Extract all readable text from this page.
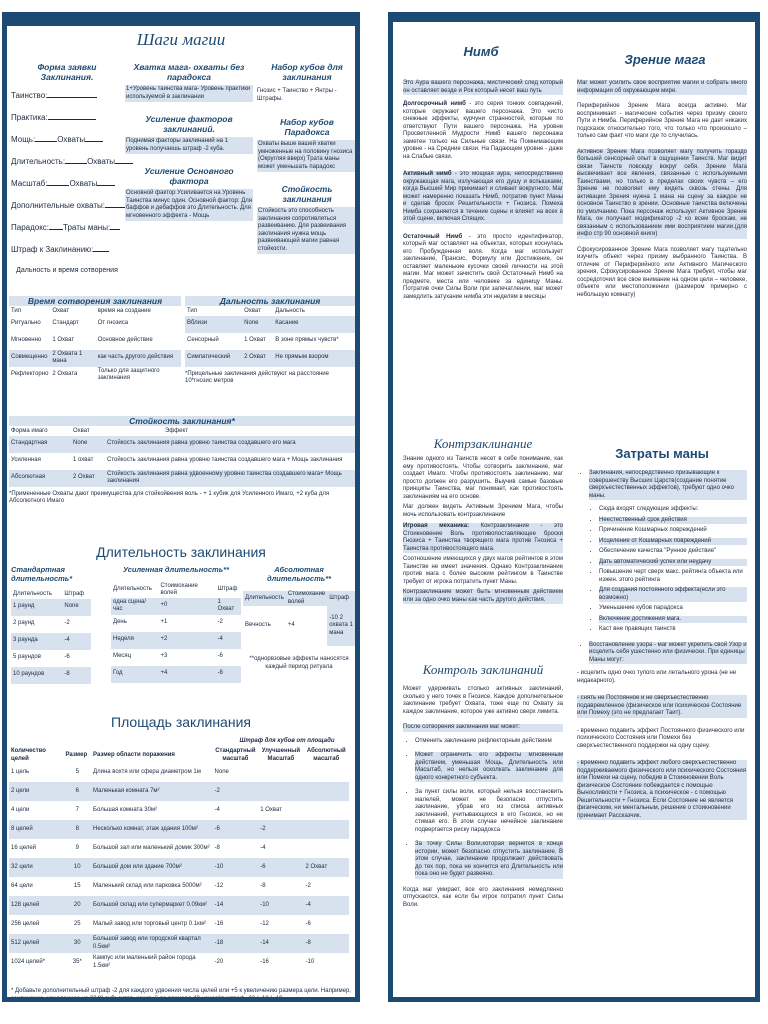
Шаги магии
Форма заявки Заклинания.
Таинство:
Практика:
Мощь:	Охваты
Длительность:	Охваты
Масштаб:	Охваты
Дополнительные охваты:
Парадокс: Траты маны:
Штраф к Заклинанию:
Дальность и время сотворения
Хватка мага- охваты без парадокса
1+Уровень таинства мага- Уровень практики используемой в заклинании
Усиление факторов заклинаний.
Поднимая факторы заклинаний на 1 уровень получаешь штраф -2 куба.
Усиление Основного фактора
Основной фактор Усиливается на Уровень Таинства минус один. Основной фактор: Для баффов и дебаффов это Длительность. Для мгновенного эффекта - Мощь
Набор кубов для заклинания
Гнозис + Таинство + Янтры - Штрафы.
Набор кубов Парадокса
Охваты выше вашей хватки умноженные на половину гнозиса (Округляя вверх) Трата маны может уменьшать парадокс
Стойкость заклинания
Стойкость это способность заклинания сопротивляться развеиванию. Для развеивания заклинания нужна мощь развеивающей магии равная стойкости.
Время сотворения заклинания
Тип	Охват	время на создание
Ритуально	Стандарт	От гнозиса
Мгновенно	1 Охват	Основное действие
Совмещенно	2 Охвата 1 мана	как часть другого действия
Рефлекторно	2 Охвата	Только для защитного заклинания
Дальность заклинания
Тип	Охват	Дальность
Вблизи	None	Касание
Сенсорный	1 Охват	В зоне прямых чувств*
Симпатический	2 Охват	Не прямым взором
*Прицельные заклинания действуют на расстояние 10*гнозис метров
Стойкость заклинания*
Форма имаго	Охват	Эффект
Стандартная	None	Стойкость заклинания равна уровню таинства создавшего его мага
Усиленная	1 охват	Стойкость заклинания равна уровню таинства создавшего мага + Мощь заклинания
Абсолютная	2 Охват	Стойкость заклинания равна удвоенному уровню таинства создавшего мага+ Мощь заклинания
*Примененные Охваты дают преимущества для стойкойвения воль - + 1 кубик для Усиленного Имаго, +2 куба для Абсолютного Имаго
Длительность заклинания
Стандартная длительность*
Длительность	Штраф
1 раунд	None
2 раунд	-2
3 раунда	-4
5 раундов	-6
10 раундов	-8
Усиленная длительность**
Длительность	Стоимохание волей	Штраф
одна сцена/ час	+0	1 Охват
День	+1	-2
Неделя	+2	-4
Месяц	+3	-6
Год	+4	-8
Абсолютная длительность**
Длительность	Стоимохание волей	Штраф
Вечность	+4	-10 2 охвата 1 мана
**однорвзовые эффекты наносятся каждый период ритуала
Площадь заклинания
Штраф для кубов от площади
Количество целей	Размер	Размер области поражения	Стандартный масштаб	Улучшенный Масштаб	Абсолютный масштаб
1 цель	5	Длина вохтя или сфера диаметром 1м	None		
2 цели	6	Маленькая комната 7м²	-2		
4 цели	7	Большая комната 30м²	-4	1 Охват	
8 целей	8	Несколько комнат, этаж здания 100м²	-6	-2	
16 целей	9	Большой зал или маленький домик 300м²	-8	-4	
32 цели	10	Большой дом или здание 700м²	-10	-6	2 Охват
64 цели	15	Маленький склад или парковка 5000м²	-12	-8	-2
128 целей	20	Большой склад или супермаркет 0.09км²	-14	-10	-4
256 целей	25	Малый завод или торговый центр 0.1км²	-16	-12	-6
512 целей	30	Большой завод или городской квартал 0.5км²	-18	-14	-8
1024 целей*	35*	Кампус или маленький район города 1.5км²	-20	-16	-10
* Добавьте дополнительный штраф -2 для каждого удвоения числа целей или +5 к увеличению размера цели. Например, заклинание, нацеленное на 2048 субъектов, каждый до размера 40 нанесёт штраф -22 / -18 / -10.
Нимб
Зрение мага
Это Аура вашего персонажа, мистический след который он оставляет везде и Рок который несет ваш путь
Долгосрочный нимб - это серия тонких совпадений, которые окружают вашего персонажа. Это чисто снежные эффекты, курчуни странностей, которые по ответствуют Пути вашего персонажа. На уровне Просветленной Мудрости Нимб вашего персонажа заметен только на Сильные связи. На Помнимающим уровне - на Средние связи. На Падающем уровне - даже на Слабые связи.
Активный нимб - это мощкая аура, непосредственно окружающая мага, излучающая его душу и вспышками, когда Высший Мир прикимает и сливает вокругного. Маг может намеренно показать Нимб, потратив пункт Маны и сделав бросок Решительности + Гнозиса. Помеха Нимба сохраняется в течение сцены и влияет на всех в этой сцене, включая Спящих.
Остаточный Нимб - это просто идентификатор, который маг оставляет на объектах, которых коснулась его Пробужденная воля. Когда маг использует заклинание, Прансис, Формулу или Достижение, он оставляет маленькие кусочки своей личности на этой магии. Маг может зачистить свой Остаточный Нимб на предмете, места или человеке за единицу Маны. Потратив очки Силы Воли при запечатлении, маг может замедлить затухание нимба эти неделям в месяцы
Маг может усилить свое восприятие магии и собрать много информации об окружающем мире.
Периферийное Зрение Мага всегда активно. Маг воспринимает - магические события через призму своего Пути и Нимба. Периферийное Зрение Мага не дает никаких подсказок относительно того, что только что произошло – только сам факт что маги где то случилась.
Активное Зрение Мага позволяет магу получить гораздо большей сенсорный опыт в ощущении Таинств. Маг видит связи Таинств повсюду вокруг себя. Зрение Мага высвечивает все явления, связанные с используемыми Таинствами, но только в пределах своих чувств – его Зрение не позволяет ему видеть сквозь стены. Для активации Зрения нужна 1 мана на сцену за каждое не основное Таинство в зрении. Основные таинства включены по умолчанию. Пока персонаж использует Активное Зрение Мага, он получает модификатор -2 ко всем броскам, не связанным с использованием ими восприятием магии.(для инфо стр 90 основной книги)
Сфокусированное Зрение Мага позволяет магу тщательно изучить объект через призму выбранного Таинства. В отличие от Периферийного или Активного Магического зрения, Сфокусированное Зрение Мага требует, чтобы маг сосредоточил все свое внимание на одном цели – человеке, объекте или местоположении (размером примерно с небольшую комнату)
Контрзаклинание
Знание одного из Таинств несет в себе понимание, как ему противостоять. Чтобы сотворить заклинание, маг создает Имаго. Чтобы противостоять заклинанию, маг просто должен его разрушить. Выучив самые базовые принципы Таинства, маг понимает, как противостоять заклинаниям на его основе.
Маг должен видеть Активным Зрением Мага, чтобы мочь использовать контрзаклинание
Игровая механика: Контрзаклинание - это Стоикновение Воль противопоставляющее броски Гнозиса + Таинства творящего мага против Гнозиса + Таинства противостоящего мага.
Соотношение имеющихся у двух магов рейтингов в этом Таинстве не имеет значения. Однако Контрзаклинание против мага с более высоким рейтингом в Таинстве требует от игрока потратить пункт Маны.
Контрзаклинание может быть мгновенным действием или за одно очко маны как часть другого действия.
Контроль заклинаний
Может удерживать столько активных заклинаний, сколько у него точек в Гнозисе. Каждое дополнительное заклинание требует Охвата, тоже еще по Охвату за каждое заклинание, которое уже активно сверх лимита.
После сотворения заклинания маг может:
• Отменить заклинание рефлекторным действием
• Может ограничить его эффекты мгновенным действием, уменьшая Мощь, Длительность или Масштаб, но нельзя осколкать заклинание для одного конкретного субъекта.
• За пункт силы воли, который нельзя восстановить малелей, может не безопасно отпустить заклинание, убрав его из списка активных заклинаний, учитывающихся в его Гнозисе, но не стимая его. В этом случае нечейное заклинание подвергается риску парадокса
• За точку Силы Воли,которая вернется в конце истории, может безопасно отпустить заклинание. В этом случае, заклинание продолжает действовать до тех пор, пока не кончится его Длительность или пока оно не будет развеяно.
Когда маг умирает, все его заклинания немедленно отпускаются, как если бы игрок потратил пункт Силы Воли.
Затраты маны
• Заклинания, непосредственно призывающие к совершенству Высших Царств(создание понятие сверхъестественных эффектов), требуют одно очко маны.
• Сюда входят следующие эффекты:
• Неестественный срок действия
• Причинение Кошмарных повреждений
• Исцеление от Кошмарных повреждений
• Обеспечение качества "Рунное действие"
• Дать автоматический успех или неудачу
• Повышение черт сверх макс. рейтинга объекта или изжен. этого рейтинга
• Для создания постоянного эффекта(если это возможно)
• Уменьшение кубов парадокса
• Включение достижения мага.
• Каст вне правящих таинств
• Восстановление узора - маг может укрепить свой Узор и исцелить себя ушестенно или физически. При единицы Маны могут:
- исцелить одно очко тупого или летального урона (не не нидакарного).
- снять не Постоянное и не сверхъестественно подавремленное (физическое или психическое Состояние или Помеху (это не предлагает Таит).
- временно подавить эффект Постоянного физического или психического Состояния или Помехи без сверхъестественного поддержки на одну сцену.
- временно подавить эффект любого сверхъестественно поддерживаемого физического или психического Состояния или Помехи на сцену, победив в Стоикновении Воль физическое Состояние побеждается с помощью Выносливости + Гнозиса, а психическое - с помощью Решительности + Гнозиса. Если Состояние не является физическим, ни ментальным, решение о стоикновении принимает Рассказчик.
